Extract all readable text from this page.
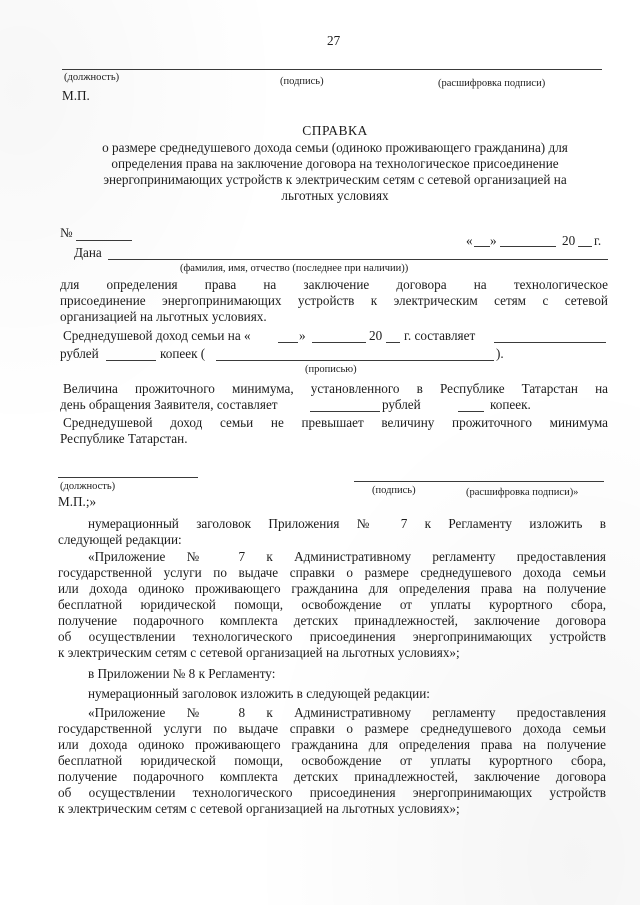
27
(должность)	(подпись)	(расшифровка подписи)
М.П.
СПРАВКА
о размере среднедушевого дохода семьи (одиноко проживающего гражданина) для
определения права на заключение договора на технологическое присоединение
энергопринимающих устройств к электрическим сетям с сетевой организацией на
льготных условиях
№
« »	20 г.
Дана
(фамилия, имя, отчество (последнее при наличии))
для определения права на заключение договора на технологическое
присоединение энергопринимающих устройств к электрическим сетям с сетевой
организацией на льготных условиях.
Среднедушевой доход семьи на «	»	20 г. составляет
рублей	копеек (	).
(прописью)
Величина прожиточного минимума, установленного в Республике Татарстан на
день обращения Заявителя, составляет	рублей	копеек.
Среднедушевой доход семьи не превышает величину прожиточного минимума
Республике Татарстан.
(должность)	(подпись)	(расшифровка подписи)»
М.П.;»
нумерационный заголовок Приложения № 7 к Регламенту изложить в
следующей редакции:
«Приложение № 7 к Административному регламенту предоставления
государственной услуги по выдаче справки о размере среднедушевого дохода семьи
или дохода одиноко проживающего гражданина для определения права на получение
бесплатной юридической помощи, освобождение от уплаты курортного сбора,
получение подарочного комплекта детских принадлежностей, заключение договора
об осуществлении технологического присоединения энергопринимающих устройств
к электрическим сетям с сетевой организацией на льготных условиях»;
в Приложении № 8 к Регламенту:
нумерационный заголовок изложить в следующей редакции:
«Приложение № 8 к Административному регламенту предоставления
государственной услуги по выдаче справки о размере среднедушевого дохода семьи
или дохода одиноко проживающего гражданина для определения права на получение
бесплатной юридической помощи, освобождение от уплаты курортного сбора,
получение подарочного комплекта детских принадлежностей, заключение договора
об осуществлении технологического присоединения энергопринимающих устройств
к электрическим сетям с сетевой организацией на льготных условиях»;
